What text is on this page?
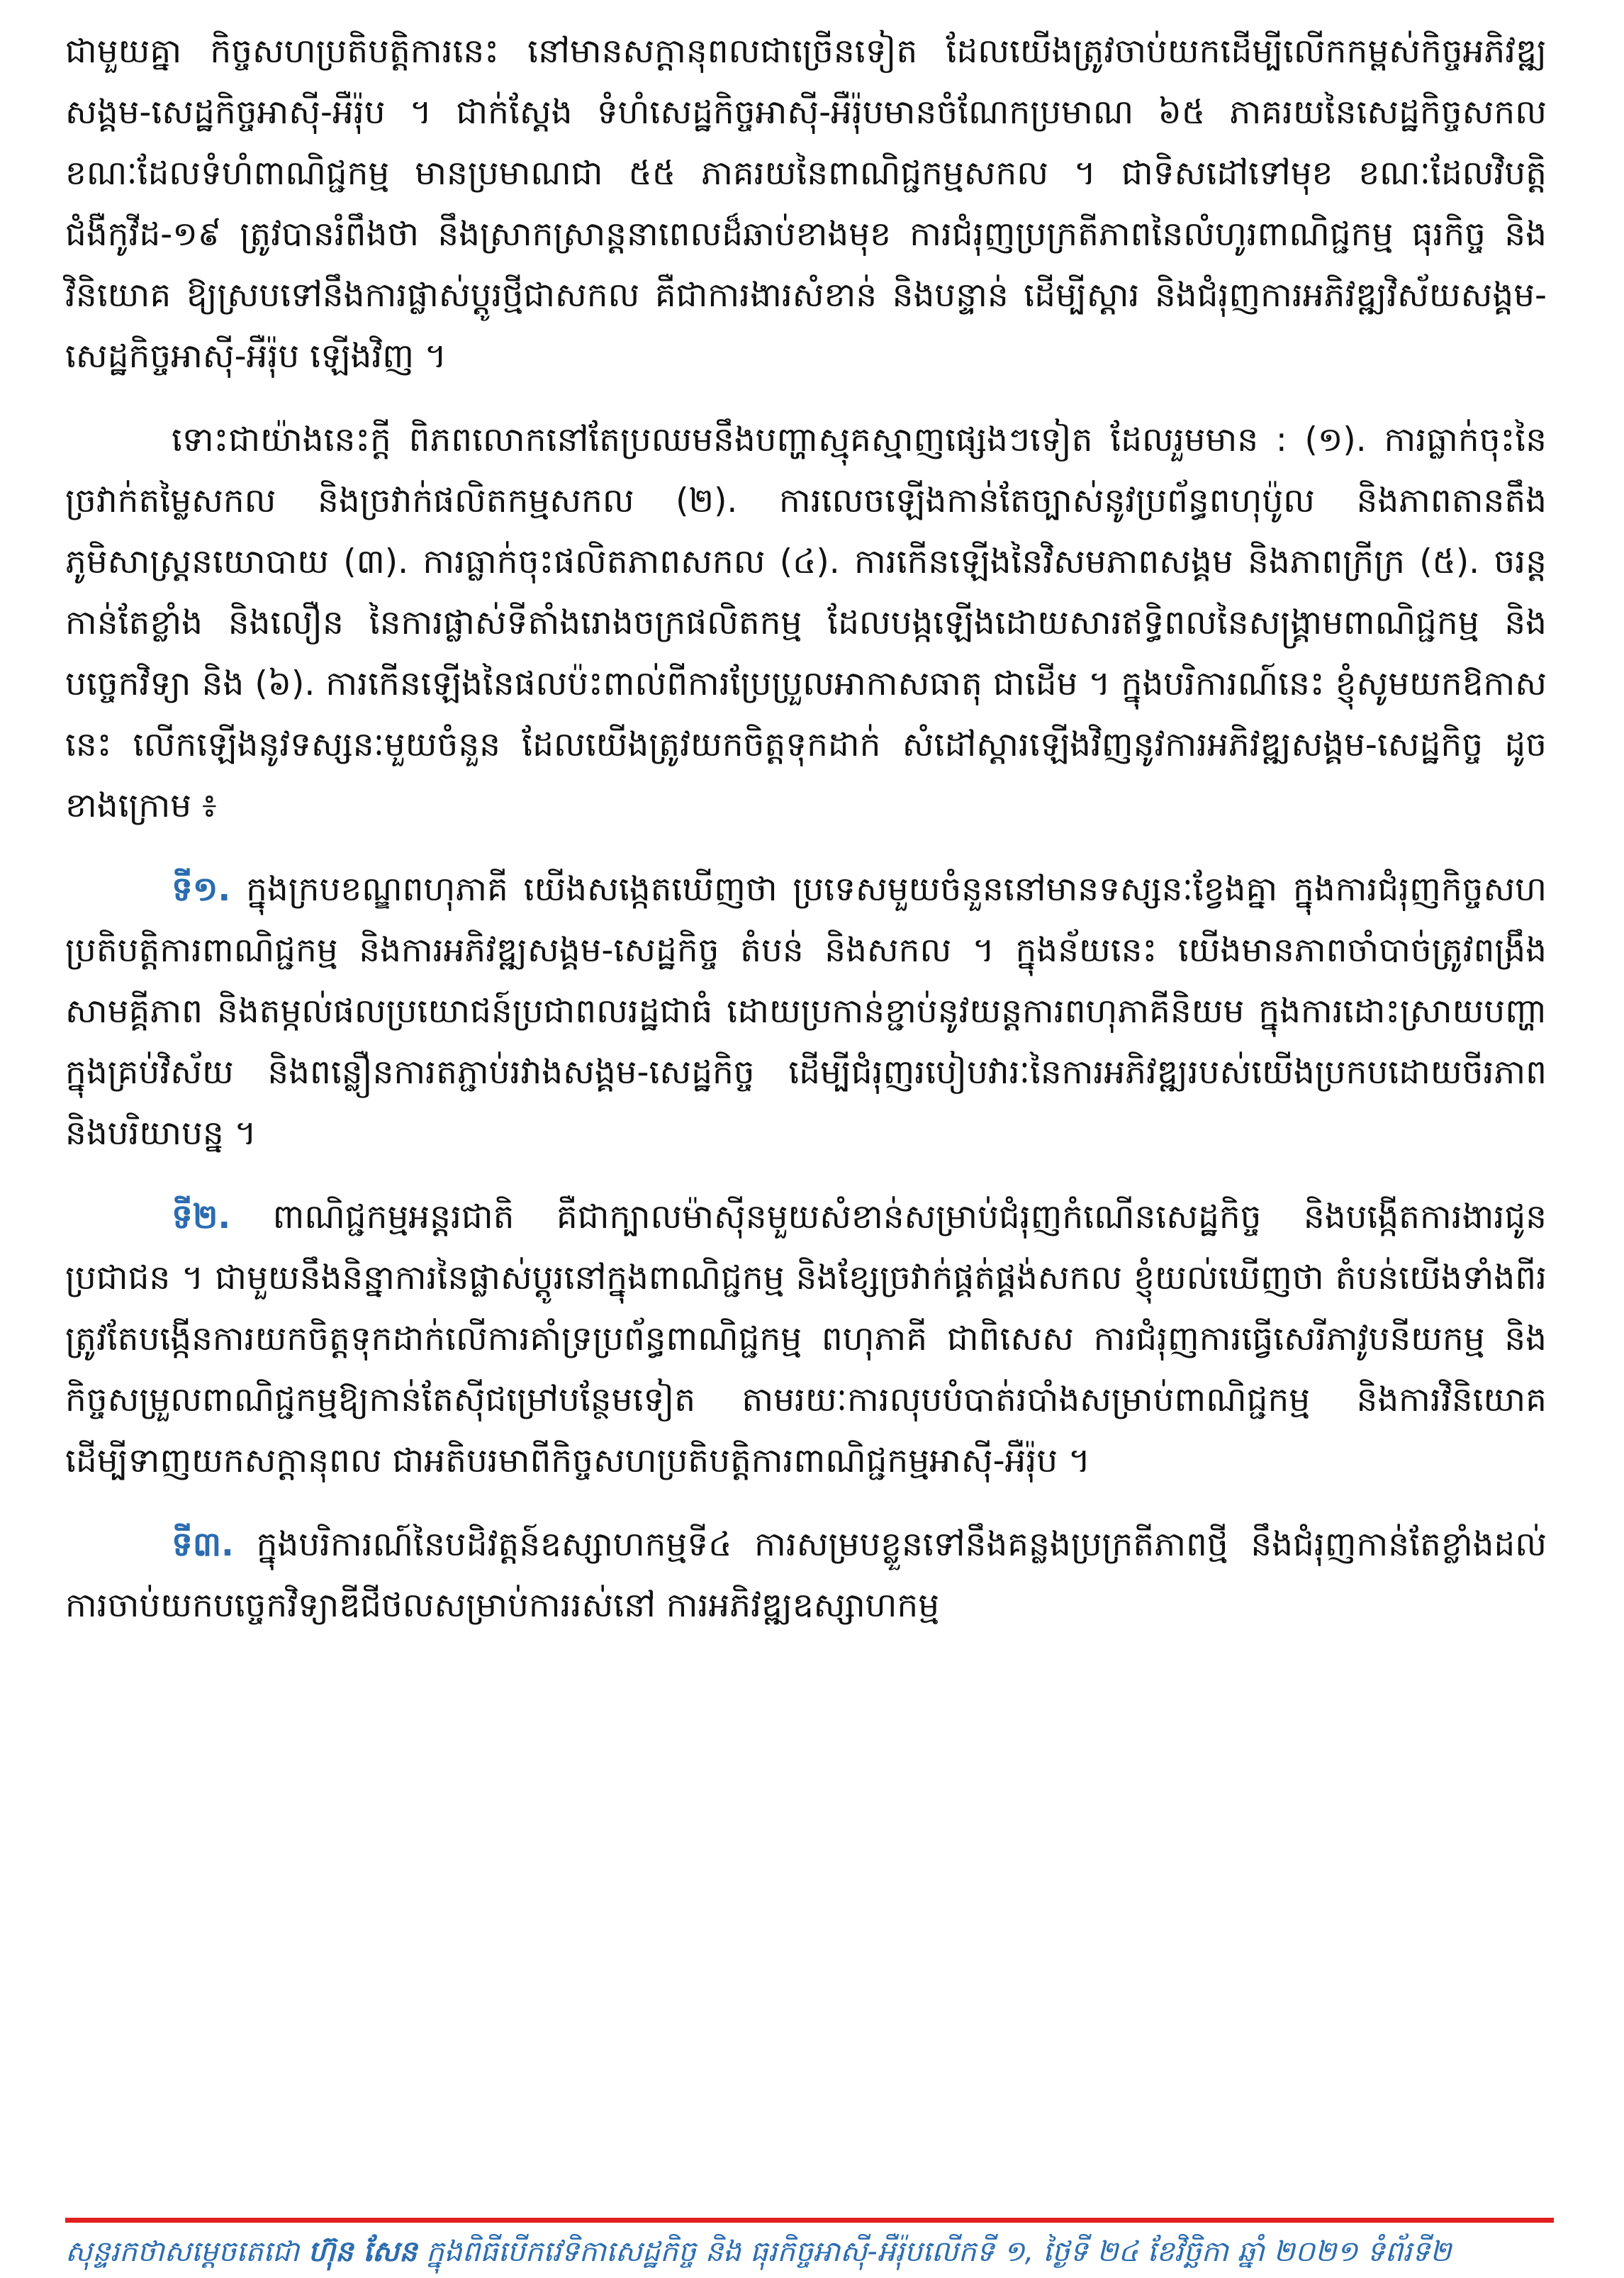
ជាមួយគ្នា កិច្ចសហប្រតិបត្តិការនេះ នៅមានសក្តានុពលជាច្រើនទៀត ដែលយើងត្រូវចាប់យកដើម្បីលើកកម្ពស់កិច្ចអភិវឌ្ឍសង្គម-សេដ្ឋកិច្ចអាស៊ី-អឺរ៉ុប ។ ជាក់ស្តែង ទំហំសេដ្ឋកិច្ចអាស៊ី-អឺរ៉ុបមានចំណែកប្រមាណ ៦៥ ភាគរយនៃសេដ្ឋកិច្ចសកល ខណៈដែលទំហំពាណិជ្ជកម្ម មានប្រមាណជា ៥៥ ភាគរយនៃពាណិជ្ជកម្មសកល ។ ជាទិសដៅទៅមុខ ខណៈដែលវិបត្តិជំងឺកូវីដ-១៩ ត្រូវបានរំពឹងថា នឹងស្រាកស្រាន្តនាពេលដ៏ឆាប់ខាងមុខ ការជំរុញប្រក្រតីភាពនៃលំហូរពាណិជ្ជកម្ម ធុរកិច្ច និងវិនិយោគ ឱ្យស្របទៅនឹងការផ្លាស់ប្តូរថ្មីជាសកល គឺជាការងារសំខាន់ និងបន្ទាន់ ដើម្បីស្តារ និងជំរុញការអភិវឌ្ឍវិស័យសង្គម-សេដ្ឋកិច្ចអាស៊ី-អឺរ៉ុប ឡើងវិញ ។

ទោះជាយ៉ាងនេះក្តី ពិភពលោកនៅតែប្រឈមនឹងបញ្ហាស្មុគស្មាញផ្សេងៗទៀត ដែលរួមមាន : (១). ការធ្លាក់ចុះនៃច្រវាក់តម្លៃសកល និងច្រវាក់ផលិតកម្មសកល (២). ការលេចឡើងកាន់តែច្បាស់នូវប្រព័ន្ធពហុប៉ូល និងភាពតានតឹងភូមិសាស្ត្រនយោបាយ (៣). ការធ្លាក់ចុះផលិតភាពសកល (៤). ការកើនឡើងនៃវិសមភាពសង្គម និងភាពក្រីក្រ (៥). ចរន្តកាន់តែខ្លាំង និងលឿន នៃការផ្លាស់ទីតាំងរោងចក្រផលិតកម្ម ដែលបង្កឡើងដោយសារឥទ្ធិពលនៃសង្គ្រាមពាណិជ្ជកម្ម និងបច្ចេកវិទ្យា និង (៦). ការកើនឡើងនៃផលប៉ះពាល់ពីការប្រែប្រួលអាកាសធាតុ ជាដើម ។ ក្នុងបរិការណ៍នេះ ខ្ញុំសូមយកឱកាសនេះ លើកឡើងនូវទស្សនៈមួយចំនួន ដែលយើងត្រូវយកចិត្តទុកដាក់ សំដៅស្តារឡើងវិញនូវការអភិវឌ្ឍសង្គម-សេដ្ឋកិច្ច ដូចខាងក្រោម ៖

ទី១. ក្នុងក្របខណ្ឌពហុភាគី យើងសង្កេតឃើញថា ប្រទេសមួយចំនួននៅមានទស្សនៈខ្វែងគ្នា ក្នុងការជំរុញកិច្ចសហប្រតិបត្តិការពាណិជ្ជកម្ម និងការអភិវឌ្ឍសង្គម-សេដ្ឋកិច្ច តំបន់ និងសកល ។ ក្នុងន័យនេះ យើងមានភាពចាំបាច់ត្រូវពង្រឹងសាមគ្គីភាព និងតម្កល់ផលប្រយោជន៍ប្រជាពលរដ្ឋជាធំ ដោយប្រកាន់ខ្ជាប់នូវយន្តការពហុភាគីនិយម ក្នុងការដោះស្រាយបញ្ហា ក្នុងគ្រប់វិស័យ និងពន្លឿនការតភ្ជាប់រវាងសង្គម-សេដ្ឋកិច្ច ដើម្បីជំរុញរបៀបវារៈនៃការអភិវឌ្ឍរបស់យើងប្រកបដោយចីរភាព និងបរិយាបន្ន ។

ទី២. ពាណិជ្ជកម្មអន្តរជាតិ គឺជាក្បាលម៉ាស៊ីនមួយសំខាន់សម្រាប់ជំរុញកំណើនសេដ្ឋកិច្ច និងបង្កើតការងារជូនប្រជាជន ។ ជាមួយនឹងនិន្នាការនៃផ្លាស់ប្តូរនៅក្នុងពាណិជ្ជកម្ម និងខ្សែច្រវាក់ផ្គត់ផ្គង់សកល ខ្ញុំយល់ឃើញថា តំបន់យើងទាំងពីរ ត្រូវតែបង្កើនការយកចិត្តទុកដាក់លើការគាំទ្រប្រព័ន្ធពាណិជ្ជកម្ម ពហុភាគី ជាពិសេស ការជំរុញការធ្វើសេរីភាវូបនីយកម្ម និងកិច្ចសម្រួលពាណិជ្ជកម្មឱ្យកាន់តែស៊ីជម្រៅបន្ថែមទៀត តាមរយៈការលុបបំបាត់របាំងសម្រាប់ពាណិជ្ជកម្ម និងការវិនិយោគ ដើម្បីទាញយកសក្តានុពល ជាអតិបរមាពីកិច្ចសហប្រតិបត្តិការពាណិជ្ជកម្មអាស៊ី-អឺរ៉ុប ។

ទី៣. ក្នុងបរិការណ៍នៃបដិវត្តន៍ឧស្សាហកម្មទី៤ ការសម្របខ្លួនទៅនឹងគន្លងប្រក្រតីភាពថ្មី នឹងជំរុញកាន់តែខ្លាំងដល់ការចាប់យកបច្ចេកវិទ្យាឌីជីថលសម្រាប់ការរស់នៅ ការអភិវឌ្ឍឧស្សាហកម្ម

សុន្ទរកថាសម្តេចតេជោ ហ៊ុន សែន ក្នុងពិធីបើកវេទិកាសេដ្ឋកិច្ច និង ធុរកិច្ចអាស៊ី-អឺរ៉ុបលើកទី ១, ថ្ងៃទី ២៤ ខែវិច្ឆិកា ឆ្នាំ ២០២១ ទំព័រទី២
